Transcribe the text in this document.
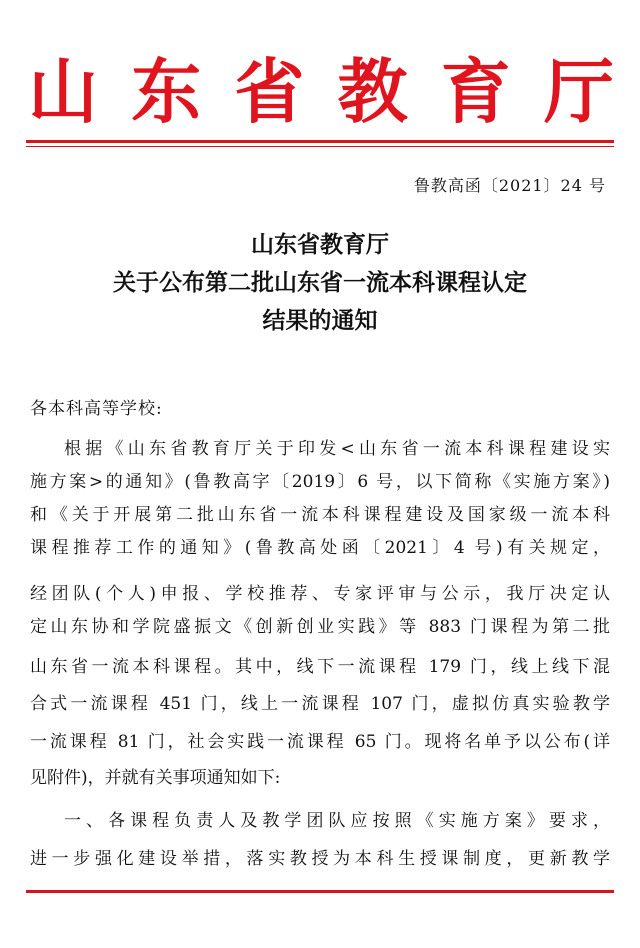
山 东 省 教 育 厅
鲁教高函〔2021〕24 号
山东省教育厅
关于公布第二批山东省一流本科课程认定
结果的通知
各本科高等学校:
根据《山东省教育厅关于印发<山东省一流本科课程建设实
施方案>的通知》(鲁教高字〔2019〕6 号，以下简称《实施方案》)
和《关于开展第二批山东省一流本科课程建设及国家级一流本科
课程推荐工作的通知》(鲁教高处函〔2021〕4 号)有关规定，
经团队(个人)申报、学校推荐、专家评审与公示，我厅决定认
定山东协和学院盛振文《创新创业实践》等 883 门课程为第二批
山东省一流本科课程。其中，线下一流课程 179 门，线上线下混
合式一流课程 451 门，线上一流课程 107 门，虚拟仿真实验教学
一流课程 81 门，社会实践一流课程 65 门。现将名单予以公布(详
见附件)，并就有关事项通知如下:
一、各课程负责人及教学团队应按照《实施方案》要求，
进一步强化建设举措，落实教授为本科生授课制度，更新教学
